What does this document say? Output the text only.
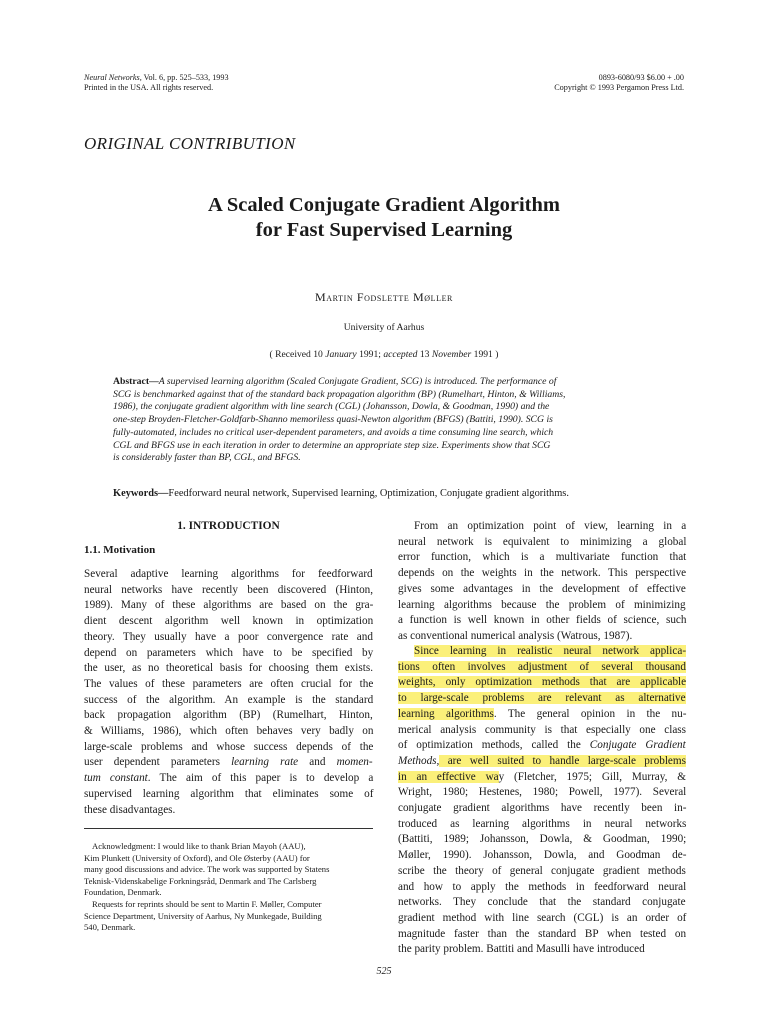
Neural Networks, Vol. 6, pp. 525–533, 1993
Printed in the USA. All rights reserved.
0893-6080/93 $6.00 + .00
Copyright © 1993 Pergamon Press Ltd.
ORIGINAL CONTRIBUTION
A Scaled Conjugate Gradient Algorithm
for Fast Supervised Learning
Martin Fodslette Møller
University of Aarhus
( Received 10 January 1991; accepted 13 November 1991 )
Abstract—A supervised learning algorithm (Scaled Conjugate Gradient, SCG) is introduced. The performance of
SCG is benchmarked against that of the standard back propagation algorithm (BP) (Rumelhart, Hinton, & Williams,
1986), the conjugate gradient algorithm with line search (CGL) (Johansson, Dowla, & Goodman, 1990) and the
one-step Broyden-Fletcher-Goldfarb-Shanno memoriless quasi-Newton algorithm (BFGS) (Battiti, 1990). SCG is
fully-automated, includes no critical user-dependent parameters, and avoids a time consuming line search, which
CGL and BFGS use in each iteration in order to determine an appropriate step size. Experiments show that SCG
is considerably faster than BP, CGL, and BFGS.
Keywords—Feedforward neural network, Supervised learning, Optimization, Conjugate gradient algorithms.
1. INTRODUCTION
1.1. Motivation
Several adaptive learning algorithms for feedforward
neural networks have recently been discovered (Hinton,
1989). Many of these algorithms are based on the gra-
dient descent algorithm well known in optimization
theory. They usually have a poor convergence rate and
depend on parameters which have to be specified by
the user, as no theoretical basis for choosing them exists.
The values of these parameters are often crucial for the
success of the algorithm. An example is the standard
back propagation algorithm (BP) (Rumelhart, Hinton,
& Williams, 1986), which often behaves very badly on
large-scale problems and whose success depends of the
user dependent parameters learning rate and momen-
tum constant. The aim of this paper is to develop a
supervised learning algorithm that eliminates some of
these disadvantages.
Acknowledgment: I would like to thank Brian Mayoh (AAU),
Kim Plunkett (University of Oxford), and Ole Østerby (AAU) for
many good discussions and advice. The work was supported by Statens
Teknisk-Videnskabelige Forkningsråd, Denmark and The Carlsberg
Foundation, Denmark.
Requests for reprints should be sent to Martin F. Møller, Computer
Science Department, University of Aarhus, Ny Munkegade, Building
540, Denmark.
From an optimization point of view, learning in a
neural network is equivalent to minimizing a global
error function, which is a multivariate function that
depends on the weights in the network. This perspective
gives some advantages in the development of effective
learning algorithms because the problem of minimizing
a function is well known in other fields of science, such
as conventional numerical analysis (Watrous, 1987).
Since learning in realistic neural network applica-
tions often involves adjustment of several thousand
weights, only optimization methods that are applicable
to large-scale problems are relevant as alternative
learning algorithms. The general opinion in the nu-
merical analysis community is that especially one class
of optimization methods, called the Conjugate Gradient
Methods, are well suited to handle large-scale problems
in an effective way (Fletcher, 1975; Gill, Murray, &
Wright, 1980; Hestenes, 1980; Powell, 1977). Several
conjugate gradient algorithms have recently been in-
troduced as learning algorithms in neural networks
(Battiti, 1989; Johansson, Dowla, & Goodman, 1990;
Møller, 1990). Johansson, Dowla, and Goodman de-
scribe the theory of general conjugate gradient methods
and how to apply the methods in feedforward neural
networks. They conclude that the standard conjugate
gradient method with line search (CGL) is an order of
magnitude faster than the standard BP when tested on
the parity problem. Battiti and Masulli have introduced
525
